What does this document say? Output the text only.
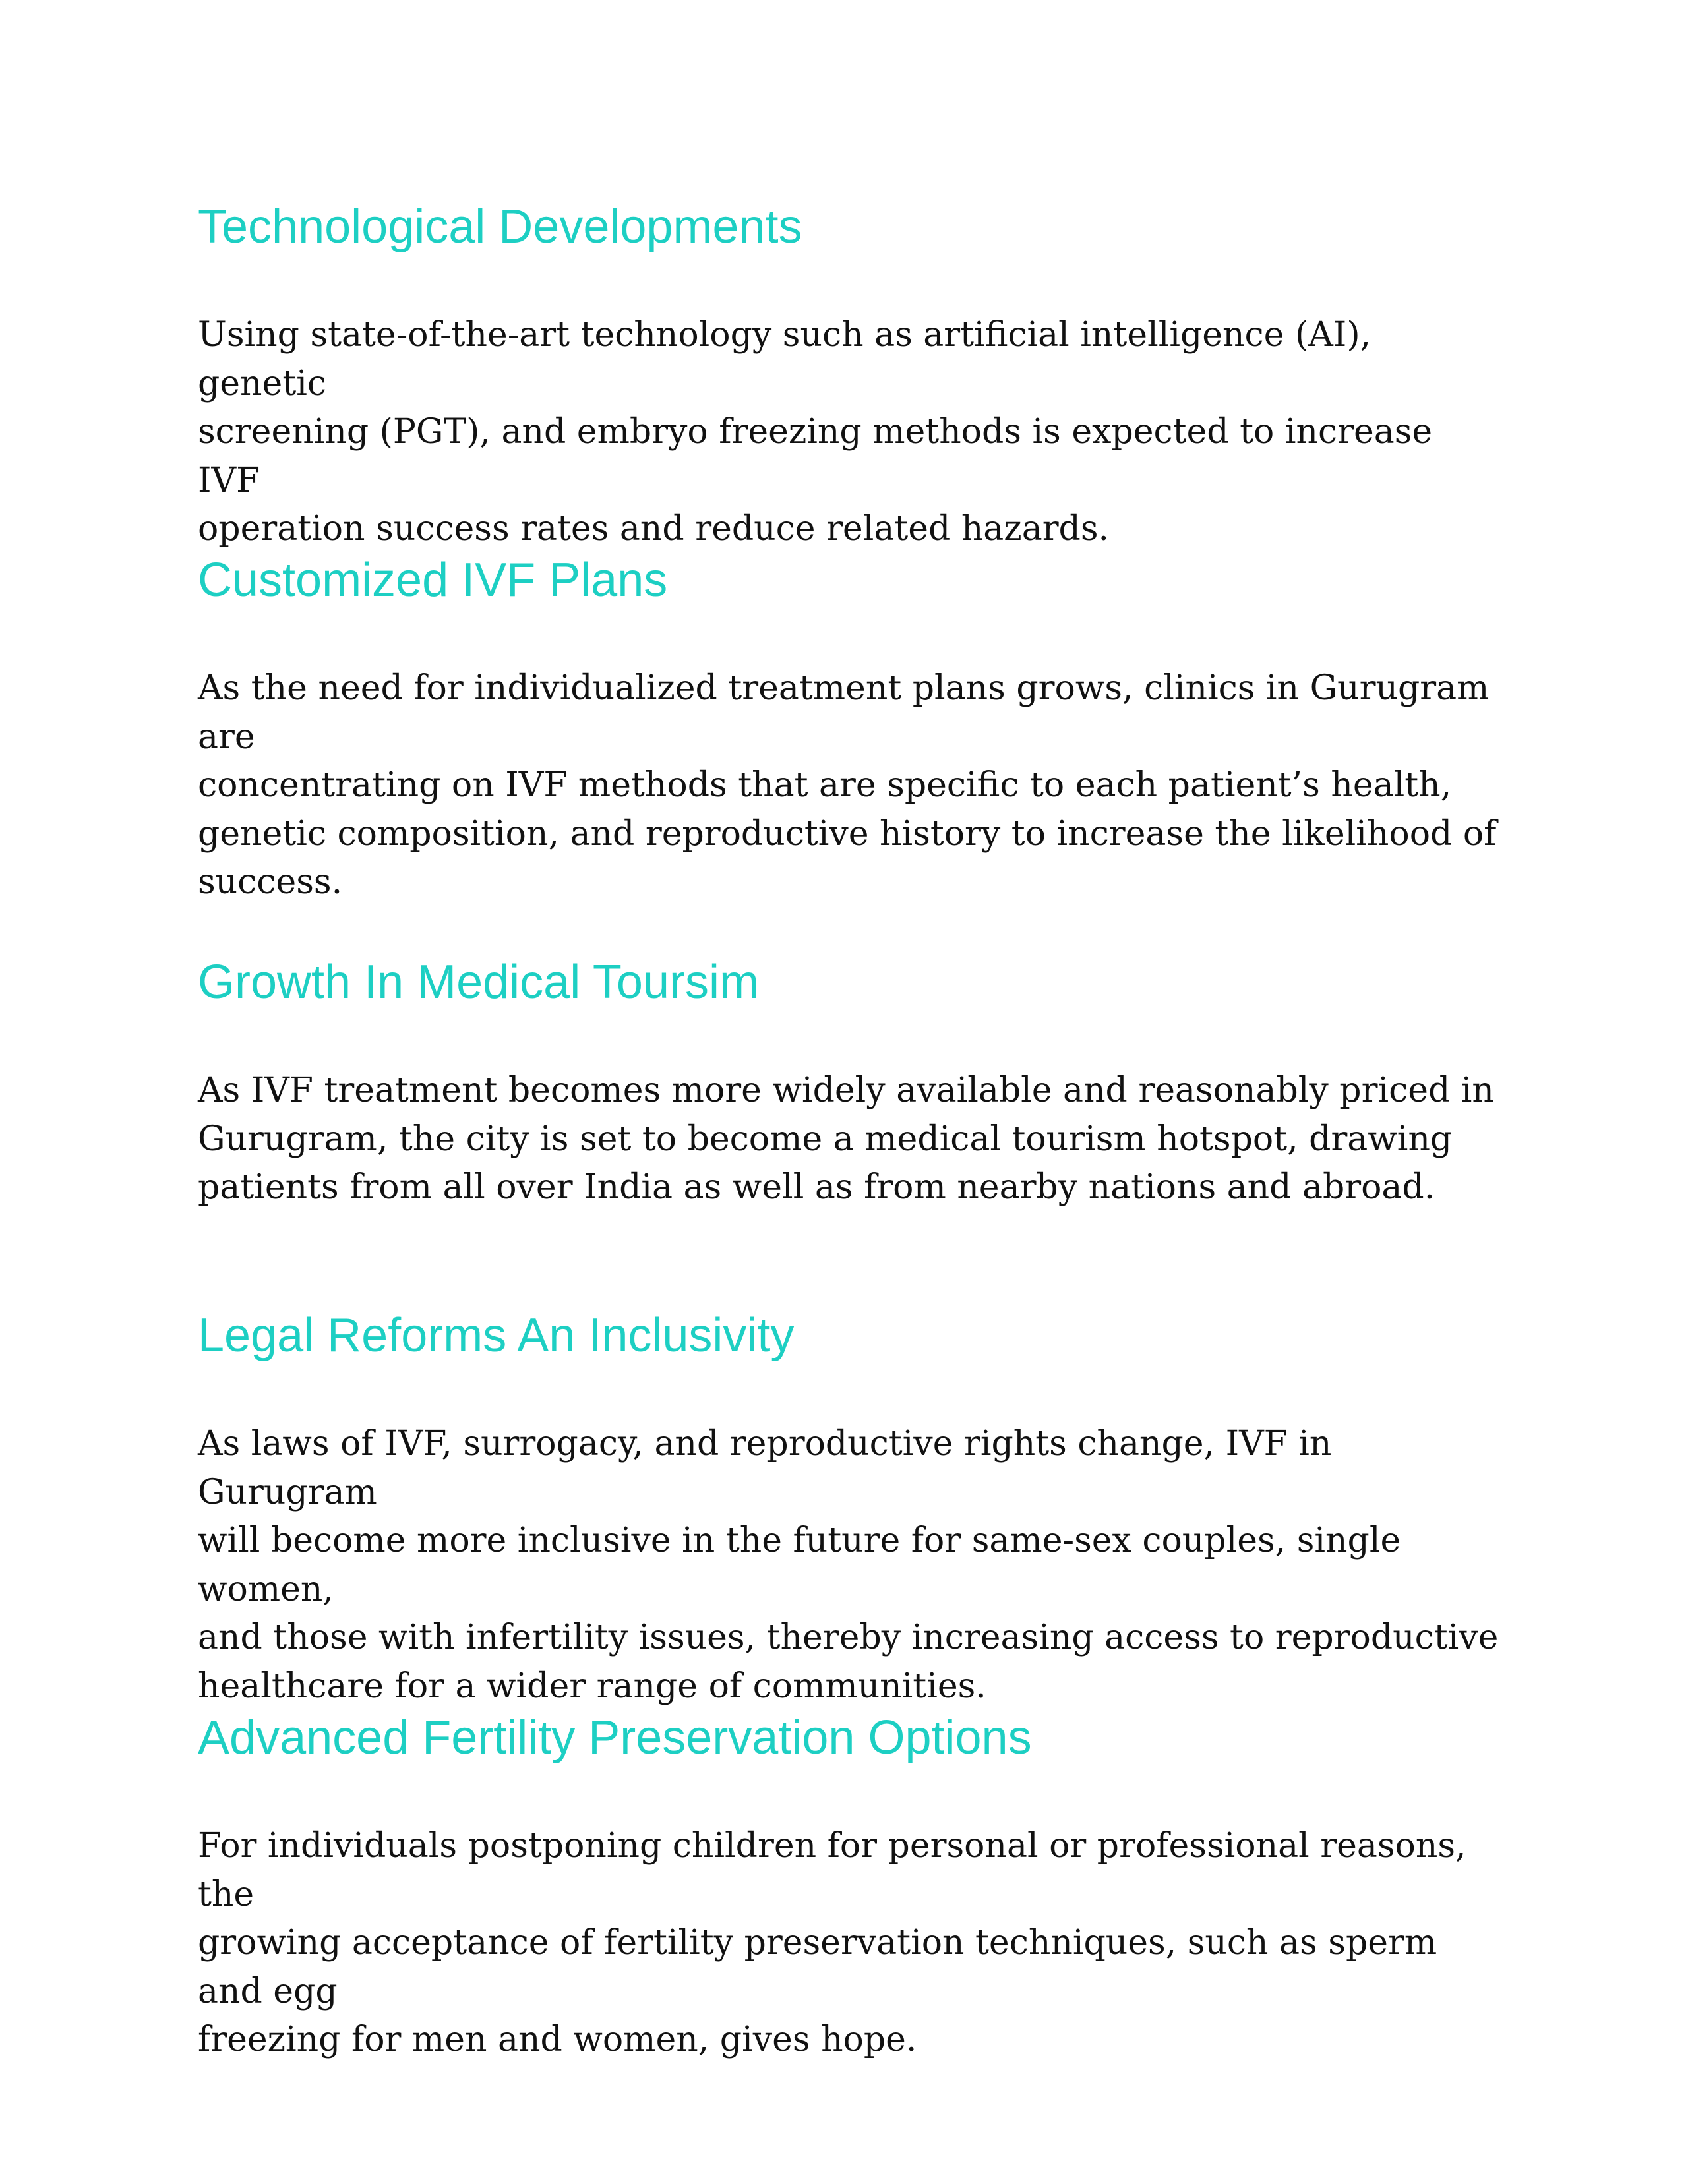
Technological Developments

Using state-of-the-art technology such as artificial intelligence (AI), genetic
screening (PGT), and embryo freezing methods is expected to increase IVF
operation success rates and reduce related hazards.

Customized IVF Plans

As the need for individualized treatment plans grows, clinics in Gurugram are
concentrating on IVF methods that are specific to each patient’s health,
genetic composition, and reproductive history to increase the likelihood of
success.

Growth In Medical Toursim

As IVF treatment becomes more widely available and reasonably priced in
Gurugram, the city is set to become a medical tourism hotspot, drawing
patients from all over India as well as from nearby nations and abroad.

Legal Reforms An Inclusivity

As laws of IVF, surrogacy, and reproductive rights change, IVF in Gurugram
will become more inclusive in the future for same-sex couples, single women,
and those with infertility issues, thereby increasing access to reproductive
healthcare for a wider range of communities.

Advanced Fertility Preservation Options

For individuals postponing children for personal or professional reasons, the
growing acceptance of fertility preservation techniques, such as sperm and egg
freezing for men and women, gives hope.
